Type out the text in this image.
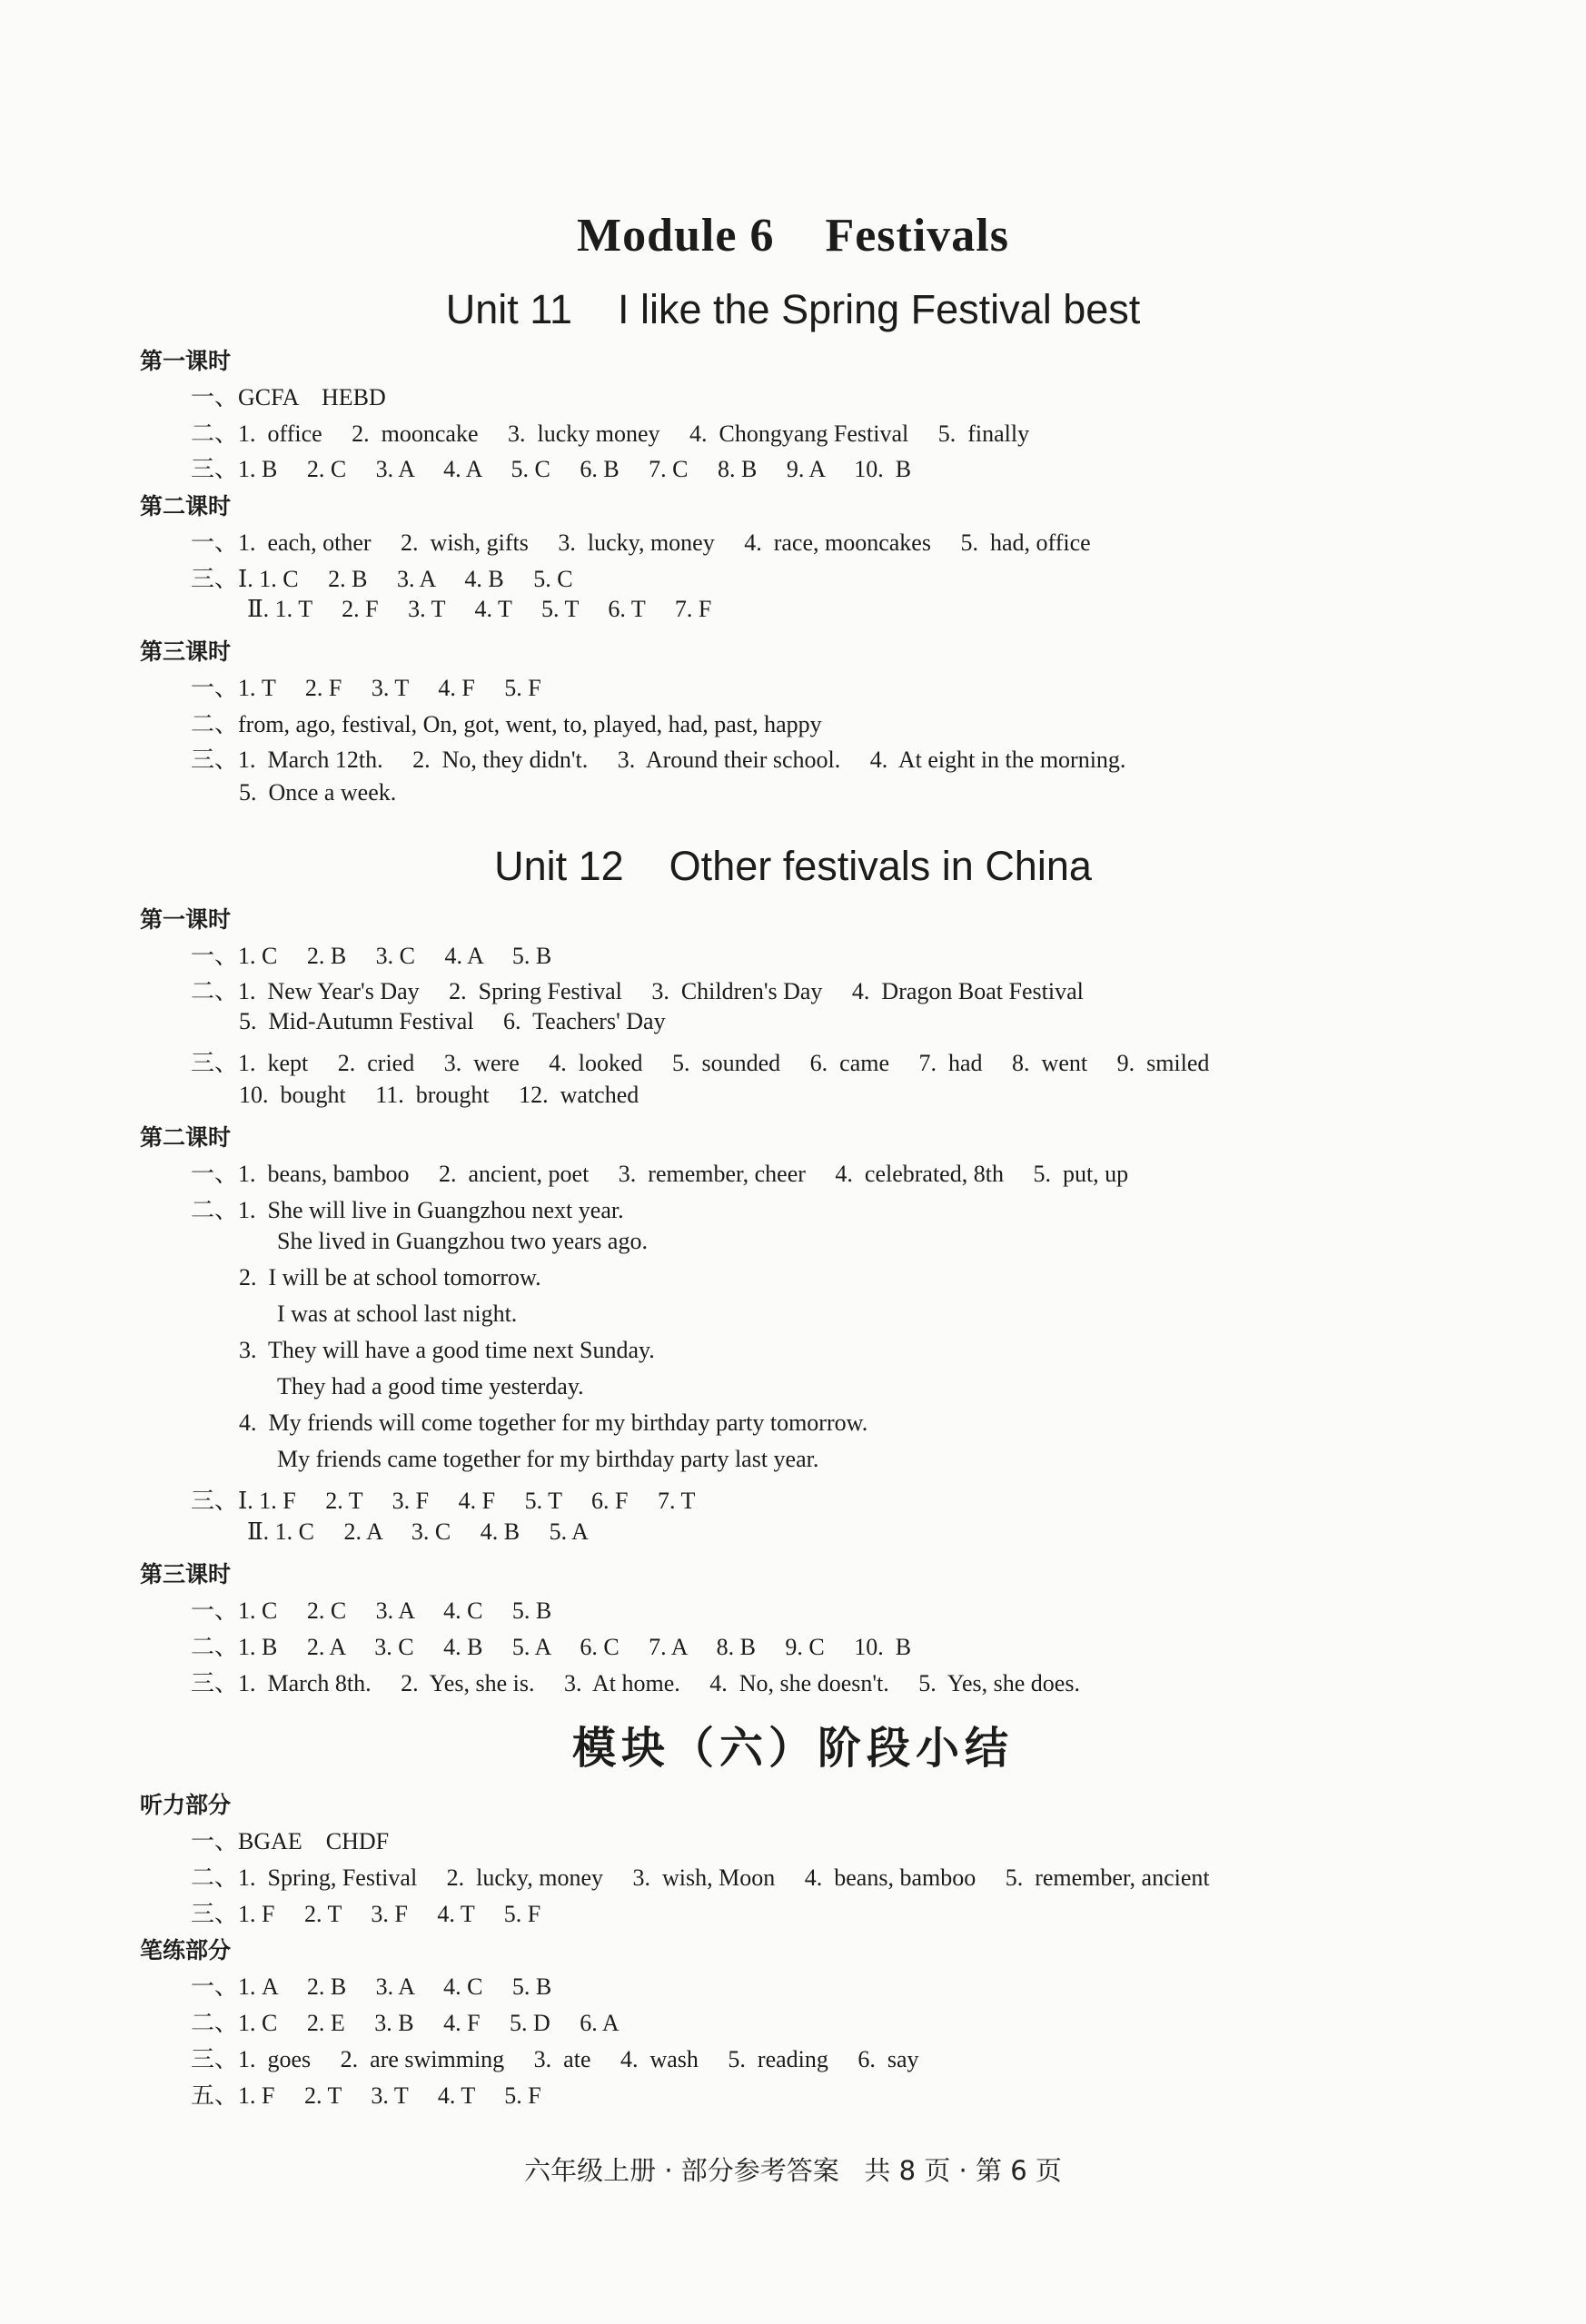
Module 6    Festivals
Unit 11    I like the Spring Festival best
第一课时
一、GCFA    HEBD
二、1.  office     2.  mooncake     3.  lucky money     4.  Chongyang Festival     5.  finally
三、1. B     2. C     3. A     4. A     5. C     6. B     7. C     8. B     9. A     10.  B
第二课时
一、1.  each, other     2.  wish, gifts     3.  lucky, money     4.  race, mooncakes     5.  had, office
三、Ⅰ. 1. C     2. B     3. A     4. B     5. C
Ⅱ. 1. T     2. F     3. T     4. T     5. T     6. T     7. F
第三课时
一、1. T     2. F     3. T     4. F     5. F
二、from, ago, festival, On, got, went, to, played, had, past, happy
三、1.  March 12th.     2.  No, they didn't.     3.  Around their school.     4.  At eight in the morning.
5.  Once a week.
Unit 12    Other festivals in China
第一课时
一、1. C     2. B     3. C     4. A     5. B
二、1.  New Year's Day     2.  Spring Festival     3.  Children's Day     4.  Dragon Boat Festival
5.  Mid-Autumn Festival     6.  Teachers' Day
三、1.  kept     2.  cried     3.  were     4.  looked     5.  sounded     6.  came     7.  had     8.  went     9.  smiled
10.  bought     11.  brought     12.  watched
第二课时
一、1.  beans, bamboo     2.  ancient, poet     3.  remember, cheer     4.  celebrated, 8th     5.  put, up
二、1.  She will live in Guangzhou next year.
She lived in Guangzhou two years ago.
2.  I will be at school tomorrow.
I was at school last night.
3.  They will have a good time next Sunday.
They had a good time yesterday.
4.  My friends will come together for my birthday party tomorrow.
My friends came together for my birthday party last year.
三、Ⅰ. 1. F     2. T     3. F     4. F     5. T     6. F     7. T
Ⅱ. 1. C     2. A     3. C     4. B     5. A
第三课时
一、1. C     2. C     3. A     4. C     5. B
二、1. B     2. A     3. C     4. B     5. A     6. C     7. A     8. B     9. C     10.  B
三、1.  March 8th.     2.  Yes, she is.     3.  At home.     4.  No, she doesn't.     5.  Yes, she does.
模块（六）阶段小结
听力部分
一、BGAE    CHDF
二、1.  Spring, Festival     2.  lucky, money     3.  wish, Moon     4.  beans, bamboo     5.  remember, ancient
三、1. F     2. T     3. F     4. T     5. F
笔练部分
一、1. A     2. B     3. A     4. C     5. B
二、1. C     2. E     3. B     4. F     5. D     6. A
三、1.  goes     2.  are swimming     3.  ate     4.  wash     5.  reading     6.  say
五、1. F     2. T     3. T     4. T     5. F
六年级上册 · 部分参考答案   共 8 页 · 第 6 页
